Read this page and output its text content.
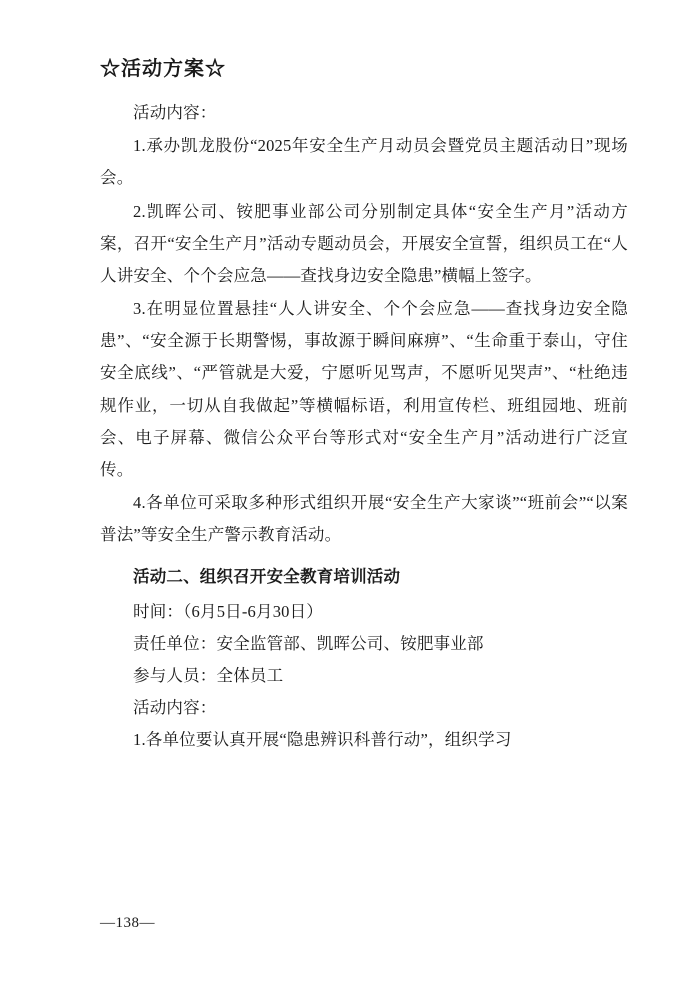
☆活动方案☆

活动内容：

1.承办凯龙股份“2025年安全生产月动员会暨党员主题活动日”现场会。

2.凯晖公司、铵肥事业部公司分别制定具体“安全生产月”活动方案，召开“安全生产月”活动专题动员会，开展安全宣誓，组织员工在“人人讲安全、个个会应急——查找身边安全隐患”横幅上签字。

3.在明显位置悬挂“人人讲安全、个个会应急——查找身边安全隐患”、“安全源于长期警惕，事故源于瞬间麻痹”、“生命重于泰山，守住安全底线”、“严管就是大爱，宁愿听见骂声，不愿听见哭声”、“杜绝违规作业，一切从自我做起”等横幅标语，利用宣传栏、班组园地、班前会、电子屏幕、微信公众平台等形式对“安全生产月”活动进行广泛宣传。

4.各单位可采取多种形式组织开展“安全生产大家谈”“班前会”“以案普法”等安全生产警示教育活动。

活动二、组织召开安全教育培训活动

时间：（6月5日-6月30日）

责任单位：安全监管部、凯晖公司、铵肥事业部

参与人员：全体员工

活动内容：

1.各单位要认真开展“隐患辨识科普行动”，组织学习

—138—
